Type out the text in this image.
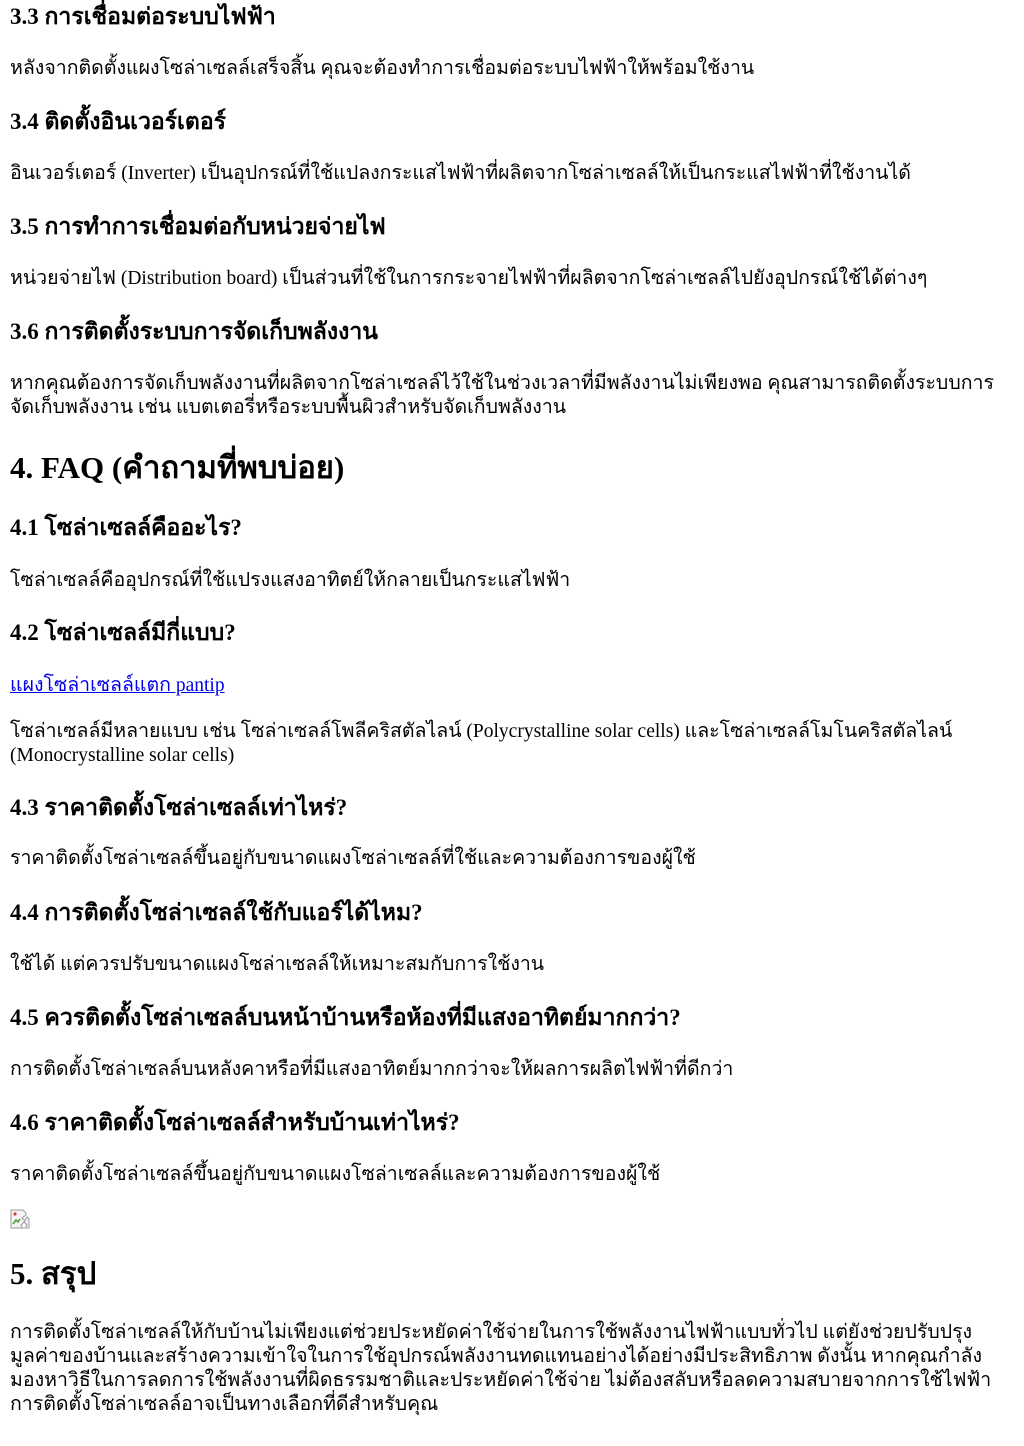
3.3 การเชื่อมต่อระบบไฟฟ้า

หลังจากติดตั้งแผงโซล่าเซลล์เสร็จสิ้น คุณจะต้องทำการเชื่อมต่อระบบไฟฟ้าให้พร้อมใช้งาน

3.4 ติดตั้งอินเวอร์เตอร์

อินเวอร์เตอร์ (Inverter) เป็นอุปกรณ์ที่ใช้แปลงกระแสไฟฟ้าที่ผลิตจากโซล่าเซลล์ให้เป็นกระแสไฟฟ้าที่ใช้งานได้

3.5 การทำการเชื่อมต่อกับหน่วยจ่ายไฟ

หน่วยจ่ายไฟ (Distribution board) เป็นส่วนที่ใช้ในการกระจายไฟฟ้าที่ผลิตจากโซล่าเซลล์ไปยังอุปกรณ์ใช้ได้ต่างๆ

3.6 การติดตั้งระบบการจัดเก็บพลังงาน

หากคุณต้องการจัดเก็บพลังงานที่ผลิตจากโซล่าเซลล์ไว้ใช้ในช่วงเวลาที่มีพลังงานไม่เพียงพอ คุณสามารถติดตั้งระบบการจัดเก็บพลังงาน เช่น แบตเตอรี่หรือระบบพื้นผิวสำหรับจัดเก็บพลังงาน

4. FAQ (คำถามที่พบบ่อย)
4.1 โซล่าเซลล์คืออะไร?

โซล่าเซลล์คืออุปกรณ์ที่ใช้แปรงแสงอาทิตย์ให้กลายเป็นกระแสไฟฟ้า

4.2 โซล่าเซลล์มีกี่แบบ?
แผงโซล่าเซลล์แตก pantip

โซล่าเซลล์มีหลายแบบ เช่น โซล่าเซลล์โพลีคริสตัลไลน์ (Polycrystalline solar cells) และโซล่าเซลล์โมโนคริสตัลไลน์ (Monocrystalline solar cells)

4.3 ราคาติดตั้งโซล่าเซลล์เท่าไหร่?

ราคาติดตั้งโซล่าเซลล์ขึ้นอยู่กับขนาดแผงโซล่าเซลล์ที่ใช้และความต้องการของผู้ใช้

4.4 การติดตั้งโซล่าเซลล์ใช้กับแอร์ได้ไหม?

ใช้ได้ แต่ควรปรับขนาดแผงโซล่าเซลล์ให้เหมาะสมกับการใช้งาน

4.5 ควรติดตั้งโซล่าเซลล์บนหน้าบ้านหรือห้องที่มีแสงอาทิตย์มากกว่า?

การติดตั้งโซล่าเซลล์บนหลังคาหรือที่มีแสงอาทิตย์มากกว่าจะให้ผลการผลิตไฟฟ้าที่ดีกว่า

4.6 ราคาติดตั้งโซล่าเซลล์สำหรับบ้านเท่าไหร่?

ราคาติดตั้งโซล่าเซลล์ขึ้นอยู่กับขนาดแผงโซล่าเซลล์และความต้องการของผู้ใช้

5. สรุป

การติดตั้งโซล่าเซลล์ให้กับบ้านไม่เพียงแต่ช่วยประหยัดค่าใช้จ่ายในการใช้พลังงานไฟฟ้าแบบทั่วไป แต่ยังช่วยปรับปรุงมูลค่าของบ้านและสร้างความเข้าใจในการใช้อุปกรณ์พลังงานทดแทนอย่างได้อย่างมีประสิทธิภาพ ดังนั้น หากคุณกำลังมองหาวิธีในการลดการใช้พลังงานที่ผิดธรรมชาติและประหยัดค่าใช้จ่าย ไม่ต้องสลับหรือลดความสบายจากการใช้ไฟฟ้า การติดตั้งโซล่าเซลล์อาจเป็นทางเลือกที่ดีสำหรับคุณ
